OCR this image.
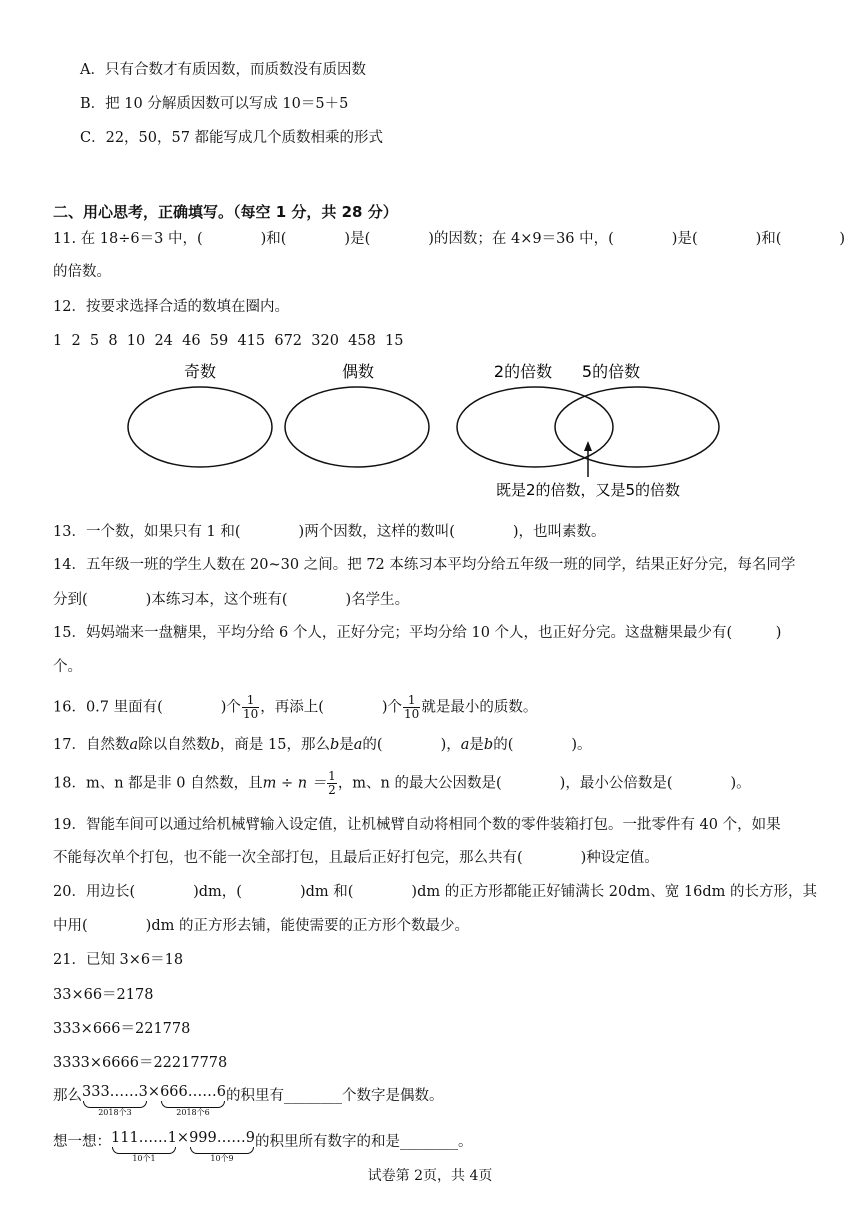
A．只有合数才有质因数，而质数没有质因数
B．把 10 分解质因数可以写成 10＝5＋5
C．22，50，57 都能写成几个质数相乘的形式
二、用心思考，正确填写。（每空 1 分，共 28 分）
11. 在 18÷6＝3 中，(　　　　)和(　　　　)是(　　　　)的因数；在 4×9＝36 中，(　　　　)是(　　　　)和(　　　　)
的倍数。
12．按要求选择合适的数填在圈内。
1  2  5  8  10  24  46  59  415  672  320  458  15
奇数	偶数	2的倍数 5的倍数
既是2的倍数，又是5的倍数
13．一个数，如果只有 1 和(　　　　)两个因数，这样的数叫(　　　　)，也叫素数。
14．五年级一班的学生人数在 20~30 之间。把 72 本练习本平均分给五年级一班的同学，结果正好分完，每名同学
分到(　　　　)本练习本，这个班有(　　　　)名学生。
15．妈妈端来一盘糖果，平均分给 6 个人，正好分完；平均分给 10 个人，也正好分完。这盘糖果最少有(　　　)
个。
16．0.7 里面有(　　　　)个 $\frac{1}{10}$ ，再添上(　　　　)个 $\frac{1}{10}$ 就是最小的质数。
17．自然数a除以自然数b，商是 15，那么b是a的(　　　　)，a是b的(　　　　)。
18．m、n 都是非 0 自然数，且$m \div n = \frac{1}{2}$ ，m、n 的最大公因数是(　　　　)，最小公倍数是(　　　　)。
19．智能车间可以通过给机械臂输入设定值，让机械臂自动将相同个数的零件装箱打包。一批零件有 40 个，如果
不能每次单个打包，也不能一次全部打包，且最后正好打包完，那么共有(　　　　)种设定值。
20．用边长(　　　　)dm，(　　　　)dm 和(　　　　)dm 的正方形都能正好铺满长 20dm、宽 16dm 的长方形，其
中用(　　　　)dm 的正方形去铺，能使需要的正方形个数最少。
21．已知 3×6＝18
33×66＝2178
333×666＝221778
3333×6666＝22217778
那么 333……3
2018个3
× 666……6
2018个6
的积里有________个数字是偶数。
想一想： 111……1
10个1
× 999……9
10个9
的积里所有数字的和是________。
试卷第 2页，共 4页
